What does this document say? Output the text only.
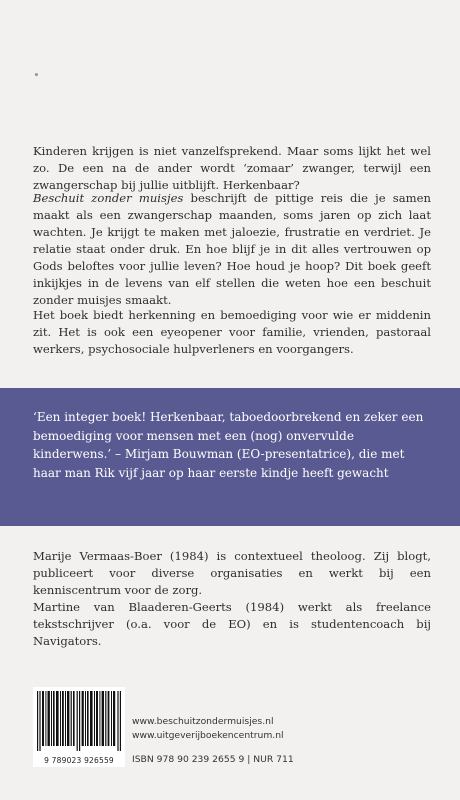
∙

Kinderen krijgen is niet vanzelfsprekend. Maar soms lijkt het wel zo. De een na de ander wordt ‘zomaar’ zwanger, terwijl een zwangerschap bij jullie uitblijft. Herkenbaar?

Beschuit zonder muisjes beschrijft de pittige reis die je samen maakt als een zwangerschap maanden, soms jaren op zich laat wachten. Je krijgt te maken met jaloezie, frustratie en verdriet. Je relatie staat onder druk. En hoe blijf je in dit alles vertrouwen op Gods beloftes voor jullie leven? Hoe houd je hoop? Dit boek geeft inkijkjes in de levens van elf stellen die weten hoe een beschuit zonder muisjes smaakt.

Het boek biedt herkenning en bemoediging voor wie er middenin zit. Het is ook een eyeopener voor familie, vrienden, pastoraal werkers, psychosociale hulpverleners en voorgangers.

‘Een integer boek! Herkenbaar, taboedoorbrekend en zeker een bemoediging voor mensen met een (nog) onvervulde kinderwens.’ – Mirjam Bouwman (EO-presentatrice), die met haar man Rik vijf jaar op haar eerste kindje heeft gewacht

Marije Vermaas-Boer (1984) is contextueel theoloog. Zij blogt, publiceert voor diverse organisaties en werkt bij een kenniscentrum voor de zorg.

Martine van Blaaderen-Geerts (1984) werkt als freelance tekstschrijver (o.a. voor de EO) en is studentencoach bij Navigators.

9 789023 926559
www.beschuitzondermuisjes.nl
www.uitgeverijboekencentrum.nl
ISBN 978 90 239 2655 9 | NUR 711
